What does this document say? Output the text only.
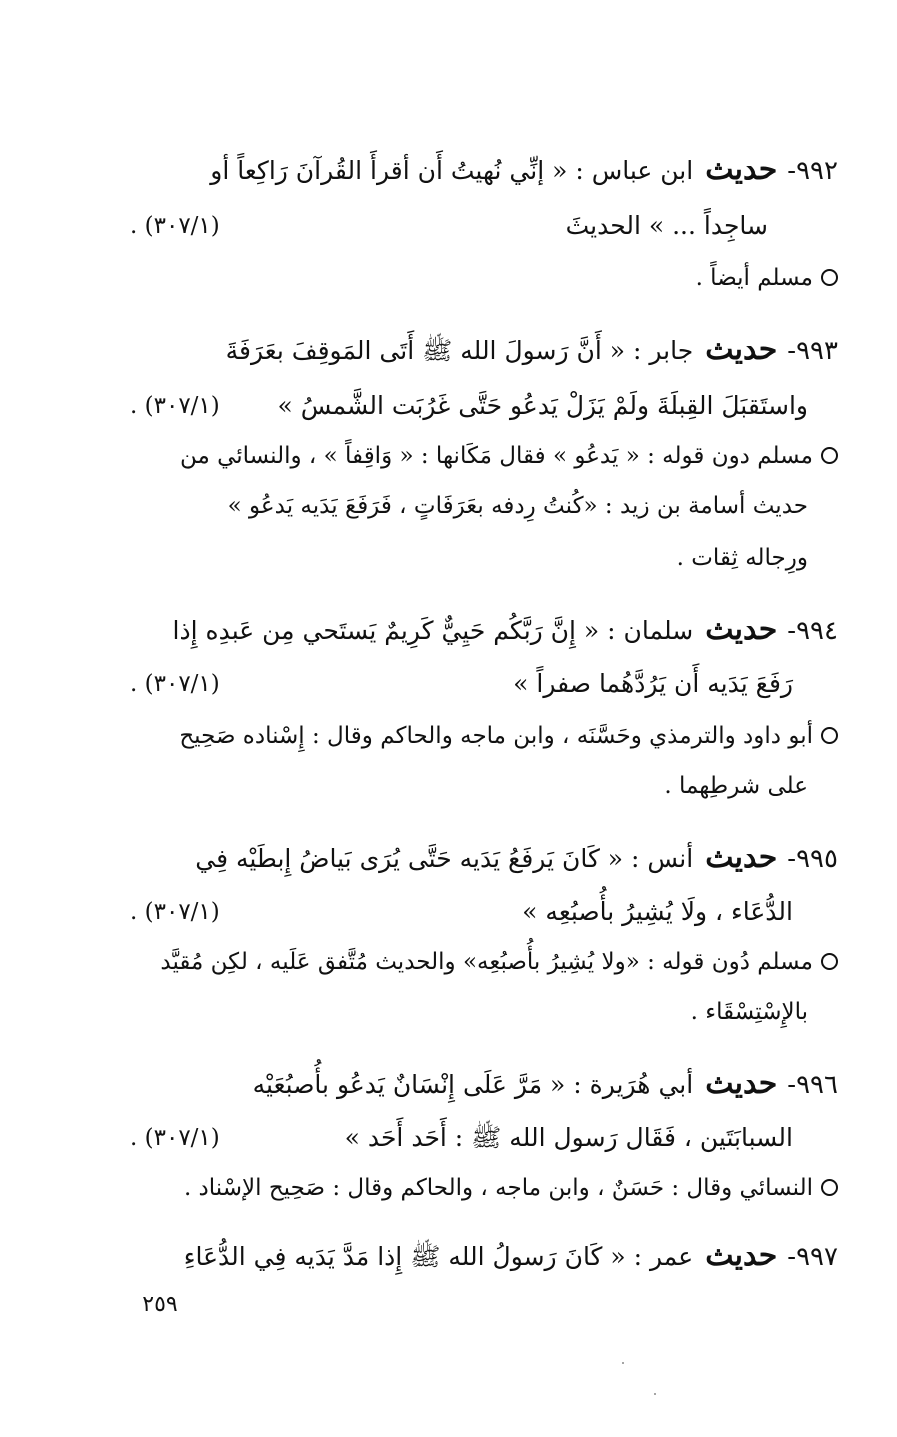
٩٩٢-
حديث
ابن عباس : « إنِّي نُهيتُ أَن أقرأَ القُرآنَ رَاكِعاً أو
ساجِداً ... » الحديثَ
(٣٠٧/١) .
مسلم أيضاً .
٩٩٣-
حديث
جابر : « أَنَّ رَسولَ الله ﷺ أَتَى المَوقِفَ بعَرَفَةَ
واستَقبَلَ القِبلَةَ ولَمْ يَزَلْ يَدعُو حَتَّى غَرُبَت الشَّمسُ »
(٣٠٧/١) .
مسلم دون قوله : « يَدعُو » فقال مَكَانها : « وَاقِفاً » ، والنسائي من
حديث أسامة بن زيد : «كُنتُ رِدفه بعَرَفَاتٍ ، فَرَفَعَ يَدَيه يَدعُو »
ورِجاله ثِقات .
٩٩٤-
حديث
سلمان : « إِنَّ رَبَّكُم حَيِيٌّ كَرِيمٌ يَستَحي مِن عَبدِه إِذا
رَفَعَ يَدَيه أَن يَرُدَّهُما صفراً »
(٣٠٧/١) .
أبو داود والترمذي وحَسَّنَه ، وابن ماجه والحاكم وقال : إِسْناده صَحِيح
على شرطِهما .
٩٩٥-
حديث
أنس : « كَانَ يَرفَعُ يَدَيه حَتَّى يُرَى بَياضُ إِبطَيْه فِي
الدُّعَاء ، ولَا يُشِيرُ بأُصبُعِه »
(٣٠٧/١) .
مسلم دُون قوله : «ولا يُشِيرُ بأُصبُعِه» والحديث مُتَّفق عَلَيه ، لكِن مُقيَّد
بالإِسْتِسْقَاء .
٩٩٦-
حديث
أبي هُرَيرة : « مَرَّ عَلَى إِنْسَانٌ يَدعُو بأُصبُعَيْه
السبابَتَين ، فَقَال رَسول الله ﷺ : أَحَد أَحَد »
(٣٠٧/١) .
النسائي وقال : حَسَنٌ ، وابن ماجه ، والحاكم وقال : صَحِيح الإسْناد .
٩٩٧-
حديث
عمر : « كَانَ رَسولُ الله ﷺ إِذا مَدَّ يَدَيه فِي الدُّعَاءِ
٢٥٩
